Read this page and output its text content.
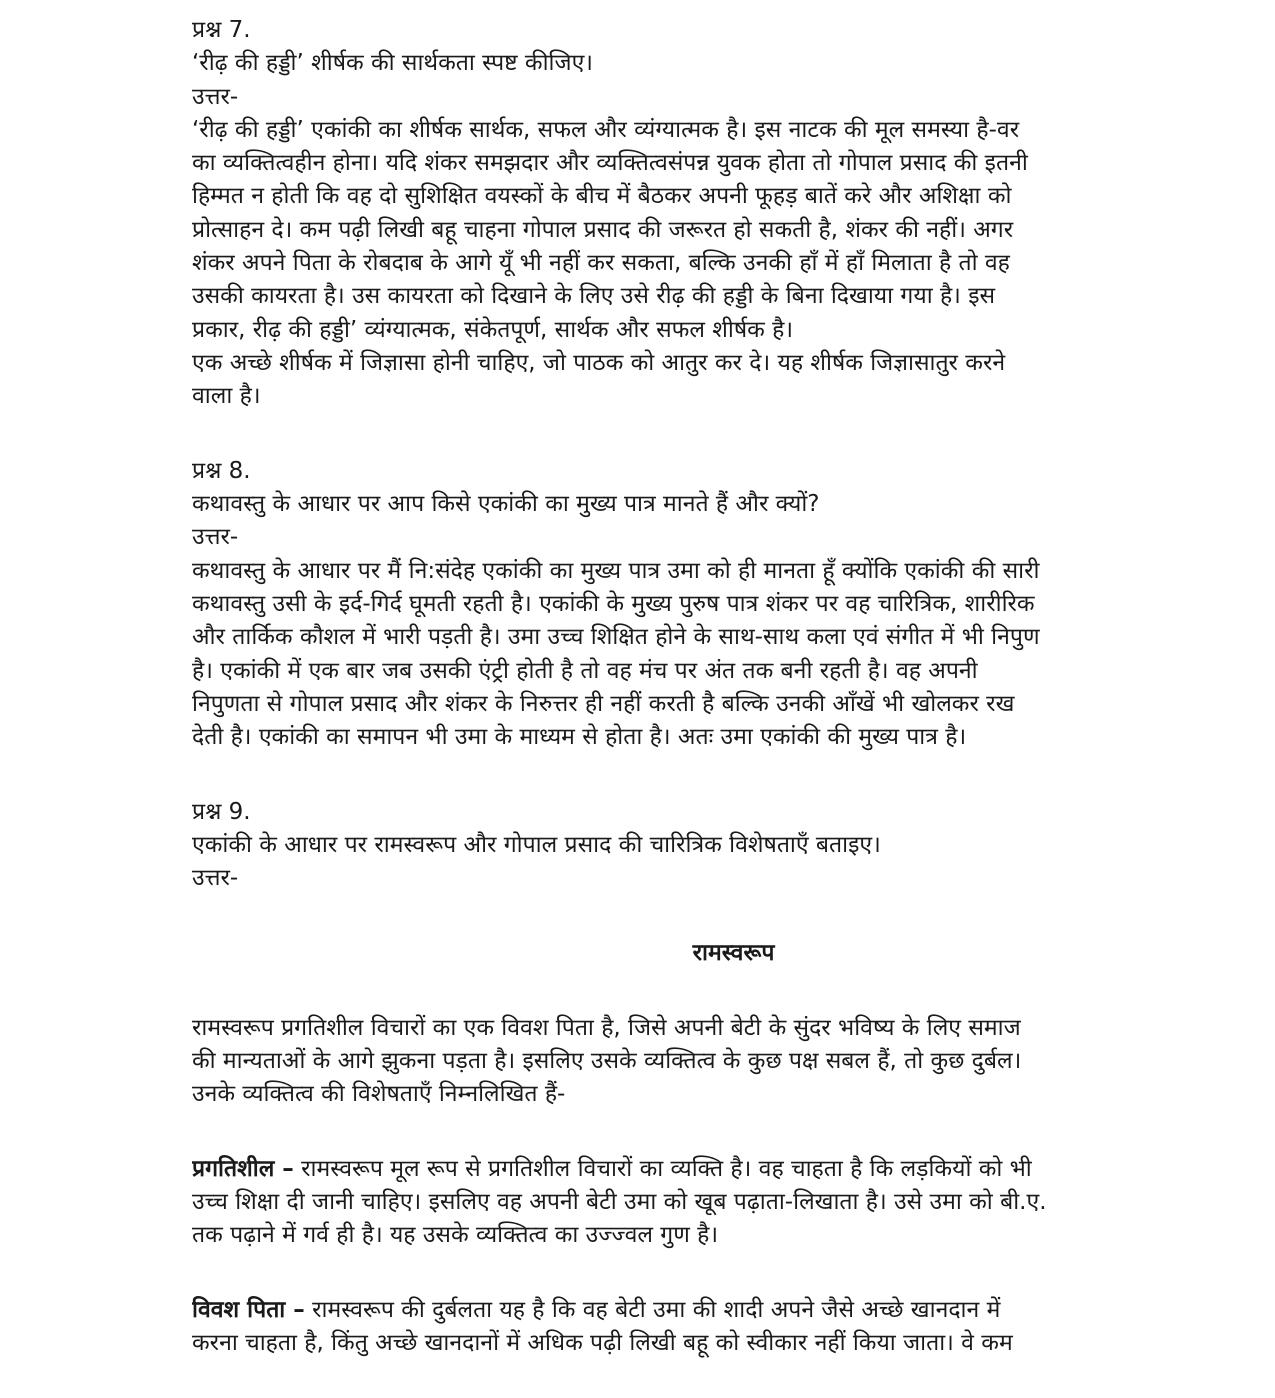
प्रश्न 7.
‘रीढ़ की हड्डी’ शीर्षक की सार्थकता स्पष्ट कीजिए।
उत्तर-
‘रीढ़ की हड्डी’ एकांकी का शीर्षक सार्थक, सफल और व्यंग्यात्मक है। इस नाटक की मूल समस्या है-वर
का व्यक्तित्वहीन होना। यदि शंकर समझदार और व्यक्तित्वसंपन्न युवक होता तो गोपाल प्रसाद की इतनी
हिम्मत न होती कि वह दो सुशिक्षित वयस्कों के बीच में बैठकर अपनी फूहड़ बातें करे और अशिक्षा को
प्रोत्साहन दे। कम पढ़ी लिखी बहू चाहना गोपाल प्रसाद की जरूरत हो सकती है, शंकर की नहीं। अगर
शंकर अपने पिता के रोबदाब के आगे यूँ भी नहीं कर सकता, बल्कि उनकी हाँ में हाँ मिलाता है तो वह
उसकी कायरता है। उस कायरता को दिखाने के लिए उसे रीढ़ की हड्डी के बिना दिखाया गया है। इस
प्रकार, रीढ़ की हड्डी’ व्यंग्यात्मक, संकेतपूर्ण, सार्थक और सफल शीर्षक है।
एक अच्छे शीर्षक में जिज्ञासा होनी चाहिए, जो पाठक को आतुर कर दे। यह शीर्षक जिज्ञासातुर करने
वाला है।
प्रश्न 8.
कथावस्तु के आधार पर आप किसे एकांकी का मुख्य पात्र मानते हैं और क्यों?
उत्तर-
कथावस्तु के आधार पर मैं नि:संदेह एकांकी का मुख्य पात्र उमा को ही मानता हूँ क्योंकि एकांकी की सारी
कथावस्तु उसी के इर्द-गिर्द घूमती रहती है। एकांकी के मुख्य पुरुष पात्र शंकर पर वह चारित्रिक, शारीरिक
और तार्किक कौशल में भारी पड़ती है। उमा उच्च शिक्षित होने के साथ-साथ कला एवं संगीत में भी निपुण
है। एकांकी में एक बार जब उसकी एंट्री होती है तो वह मंच पर अंत तक बनी रहती है। वह अपनी
निपुणता से गोपाल प्रसाद और शंकर के निरुत्तर ही नहीं करती है बल्कि उनकी आँखें भी खोलकर रख
देती है। एकांकी का समापन भी उमा के माध्यम से होता है। अतः उमा एकांकी की मुख्य पात्र है।
प्रश्न 9.
एकांकी के आधार पर रामस्वरूप और गोपाल प्रसाद की चारित्रिक विशेषताएँ बताइए।
उत्तर-
रामस्वरूप
रामस्वरूप प्रगतिशील विचारों का एक विवश पिता है, जिसे अपनी बेटी के सुंदर भविष्य के लिए समाज
की मान्यताओं के आगे झुकना पड़ता है। इसलिए उसके व्यक्तित्व के कुछ पक्ष सबल हैं, तो कुछ दुर्बल।
उनके व्यक्तित्व की विशेषताएँ निम्नलिखित हैं-
प्रगतिशील – रामस्वरूप मूल रूप से प्रगतिशील विचारों का व्यक्ति है। वह चाहता है कि लड़कियों को भी
उच्च शिक्षा दी जानी चाहिए। इसलिए वह अपनी बेटी उमा को खूब पढ़ाता-लिखाता है। उसे उमा को बी.ए.
तक पढ़ाने में गर्व ही है। यह उसके व्यक्तित्व का उज्ज्वल गुण है।
विवश पिता – रामस्वरूप की दुर्बलता यह है कि वह बेटी उमा की शादी अपने जैसे अच्छे खानदान में
करना चाहता है, किंतु अच्छे खानदानों में अधिक पढ़ी लिखी बहू को स्वीकार नहीं किया जाता। वे कम
